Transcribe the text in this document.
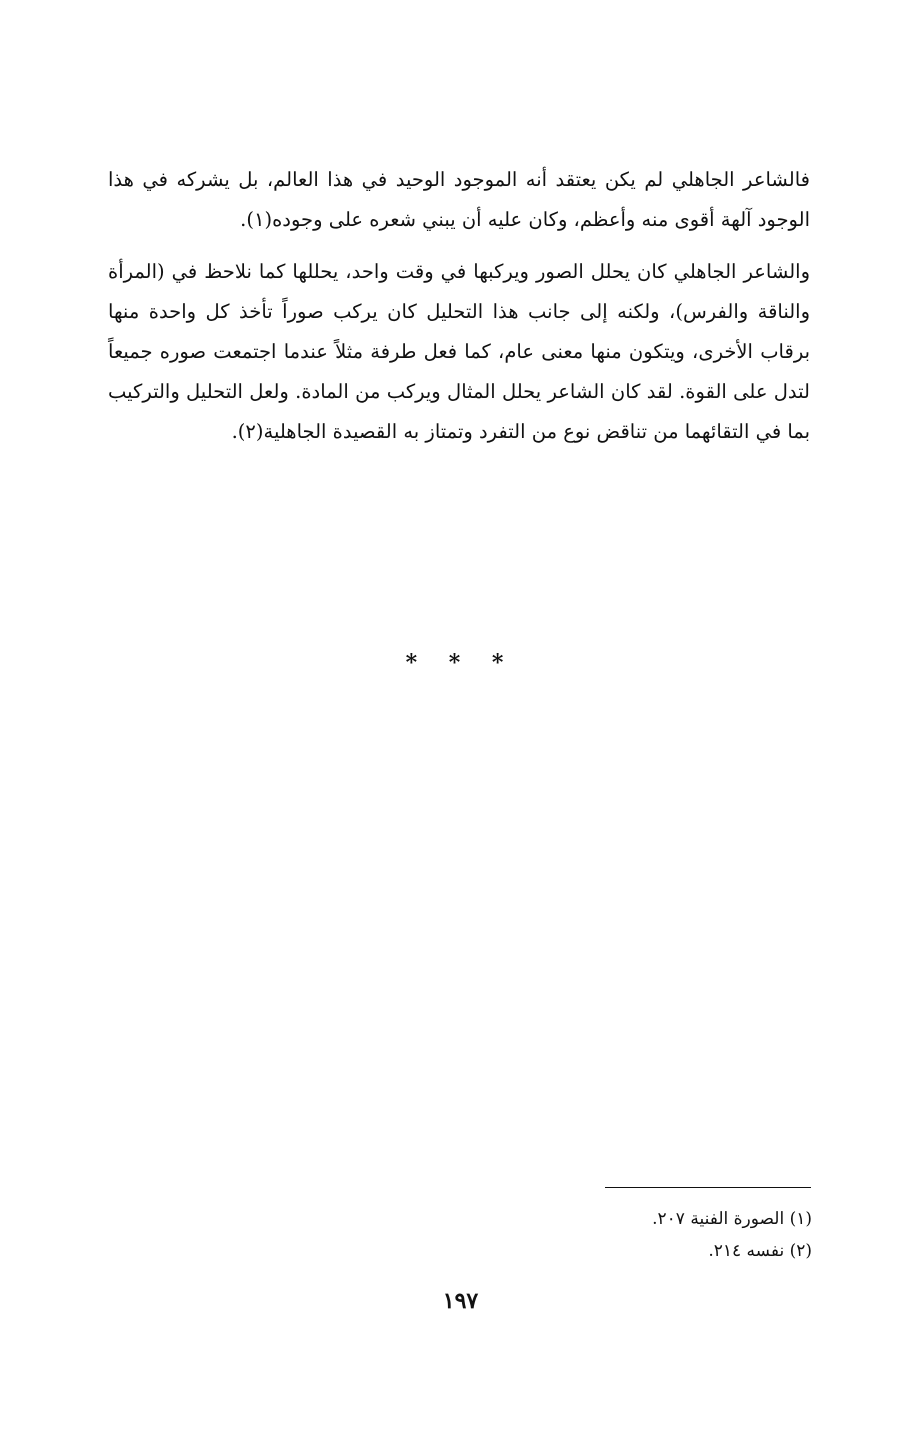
فالشاعر الجاهلي لم يكن يعتقد أنه الموجود الوحيد في هذا العالم، بل يشركه في هذا الوجود آلهة أقوى منه وأعظم، وكان عليه أن يبني شعره على وجوده(١).

والشاعر الجاهلي كان يحلل الصور ويركبها في وقت واحد، يحللها كما نلاحظ في (المرأة والناقة والفرس)، ولكنه إلى جانب هذا التحليل كان يركب صوراً تأخذ كل واحدة منها برقاب الأخرى، ويتكون منها معنى عام، كما فعل طرفة مثلاً عندما اجتمعت صوره جميعاً لتدل على القوة. لقد كان الشاعر يحلل المثال ويركب من المادة. ولعل التحليل والتركيب بما في التقائهما من تناقض نوع من التفرد وتمتاز به القصيدة الجاهلية(٢).

* * *

(١) الصورة الفنية ٢٠٧.

(٢) نفسه ٢١٤.

١٩٧
